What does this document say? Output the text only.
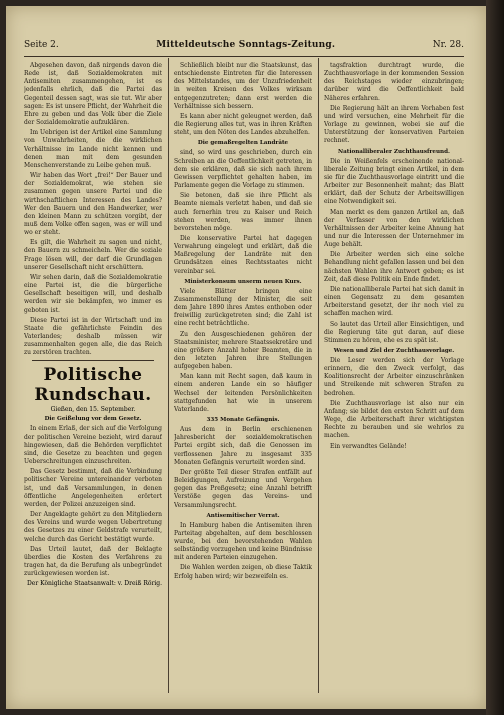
Seite 2.	Mitteldeutsche Sonntags-Zeitung.	Nr. 28.

Abgesehen davon, daß nirgends davon die Rede ist, daß Sozialdemokraten mit Antisemiten zusammengehen, ist es jedenfalls ehrlich, daß die Partei das Gegenteil dessen sagt, was sie tut. Wir aber sagen: Es ist unsere Pflicht, der Wahrheit die Ehre zu geben und das Volk über die Ziele der Sozialdemokratie aufzuklären.

Im Uebrigen ist der Artikel eine Sammlung von Unwahrheiten, die die wirklichen Verhältnisse im Lande nicht kennen und denen man mit dem gesunden Menschenverstande zu Leibe gehen muß.

Wir haben das Wort „frei!“ Der Bauer und der Sozialdemokrat, wie stehen sie zusammen gegen unsere Partei und die wirthschaftlichen Interessen des Landes? Wer den Bauern und den Handwerker, wer den kleinen Mann zu schützen vorgibt, der muß dem Volke offen sagen, was er will und wo er steht.

Es gilt, die Wahrheit zu sagen und nicht, den Bauern zu schmeicheln. Wer die soziale Frage lösen will, der darf die Grundlagen unserer Gesellschaft nicht erschüttern.

Wir sehen darin, daß die Sozialdemokratie eine Partei ist, die die bürgerliche Gesellschaft beseitigen will, und deshalb werden wir sie bekämpfen, wo immer es geboten ist.

Diese Partei ist in der Wirtschaft und im Staate die gefährlichste Feindin des Vaterlandes; deshalb müssen wir zusammenhalten gegen alle, die das Reich zu zerstören trachten.

Politische Rundschau.
Gießen, den 15. September.
Die Geißelung vor dem Gesetz.

In einem Erlaß, der sich auf die Verfolgung der politischen Vereine bezieht, wird darauf hingewiesen, daß die Behörden verpflichtet sind, die Gesetze zu beachten und gegen Ueberschreitungen einzuschreiten.

Das Gesetz bestimmt, daß die Verbindung politischer Vereine untereinander verboten ist, und daß Versammlungen, in denen öffentliche Angelegenheiten erörtert werden, der Polizei anzuzeigen sind.

Der Angeklagte gehört zu den Mitgliedern des Vereins und wurde wegen Uebertretung des Gesetzes zu einer Geldstrafe verurteilt, welche durch das Gericht bestätigt wurde.

Das Urteil lautet, daß der Beklagte überdies die Kosten des Verfahrens zu tragen hat, da die Berufung als unbegründet zurückgewiesen worden ist.

Der Königliche Staatsanwalt: v. Dreiß Rörig.

Schließlich bleibt nur die Staatskunst, das entschiedenste Eintreten für die Interessen des Mittelstandes, um der Unzufriedenheit in weiten Kreisen des Volkes wirksam entgegenzutreten; dann erst werden die Verhältnisse sich bessern.

Es kann aber nicht geleugnet werden, daß die Regierung alles tut, was in ihren Kräften steht, um den Nöten des Landes abzuhelfen.

Die gemaßregelten Landräte

sind, so wird uns geschrieben, durch ein Schreiben an die Oeffentlichkeit getreten, in dem sie erklären, daß sie sich nach ihrem Gewissen verpflichtet gehalten haben, im Parlamente gegen die Vorlage zu stimmen.

Sie betonen, daß sie ihre Pflicht als Beamte niemals verletzt haben, und daß sie auch fernerhin treu zu Kaiser und Reich stehen werden, was immer ihnen bevorstehen möge.

Die konservative Partei hat dagegen Verwahrung eingelegt und erklärt, daß die Maßregelung der Landräte mit den Grundsätzen eines Rechtsstaates nicht vereinbar sei.

Ministerkonsum unserm neuen Kurs.

Viele Blätter bringen eine Zusammenstellung der Minister, die seit dem Jahre 1890 ihres Amtes enthoben oder freiwillig zurückgetreten sind; die Zahl ist eine recht beträchtliche.

Zu den Ausgeschiedenen gehören der Staatsminister, mehrere Staatssekretäre und eine größere Anzahl hoher Beamten, die in den letzten Jahren ihre Stellungen aufgegeben haben.

Man kann mit Recht sagen, daß kaum in einem anderen Lande ein so häufiger Wechsel der leitenden Persönlichkeiten stattgefunden hat wie in unserem Vaterlande.

335 Monate Gefängnis.

Aus dem in Berlin erschienenen Jahresbericht der sozialdemokratischen Partei ergibt sich, daß die Genossen im verflossenen Jahre zu insgesamt 335 Monaten Gefängnis verurteilt worden sind.

Der größte Teil dieser Strafen entfällt auf Beleidigungen, Aufreizung und Vergehen gegen das Preßgesetz; eine Anzahl betrifft Verstöße gegen das Vereins- und Versammlungsrecht.

Antisemitischer Verrat.

In Hamburg haben die Antisemiten ihren Parteitag abgehalten, auf dem beschlossen wurde, bei den bevorstehenden Wahlen selbständig vorzugehen und keine Bündnisse mit anderen Parteien einzugehen.

Die Wahlen werden zeigen, ob diese Taktik Erfolg haben wird; wir bezweifeln es.

tagsfraktion durchtragt wurde, die Zuchthausvorlage in der kommenden Session des Reichstages wieder einzubringen; darüber wird die Oeffentlichkeit bald Näheres erfahren.

Die Regierung hält an ihrem Vorhaben fest und wird versuchen, eine Mehrheit für die Vorlage zu gewinnen, wobei sie auf die Unterstützung der konservativen Parteien rechnet.

Nationalliberaler Zuchthausfreund.

Die in Weißenfels erscheinende national-liberale Zeitung bringt einen Artikel, in dem sie für die Zuchthausvorlage eintritt und die Arbeiter zur Besonnenheit mahnt; das Blatt erklärt, daß der Schutz der Arbeitswilligen eine Notwendigkeit sei.

Man merkt es dem ganzen Artikel an, daß der Verfasser von den wirklichen Verhältnissen der Arbeiter keine Ahnung hat und nur die Interessen der Unternehmer im Auge behält.

Die Arbeiter werden sich eine solche Behandlung nicht gefallen lassen und bei den nächsten Wahlen ihre Antwort geben; es ist Zeit, daß diese Politik ein Ende findet.

Die nationalliberale Partei hat sich damit in einen Gegensatz zu dem gesamten Arbeiterstand gesetzt, der ihr noch viel zu schaffen machen wird.

So lautet das Urteil aller Einsichtigen, und die Regierung täte gut daran, auf diese Stimmen zu hören, ehe es zu spät ist.

Wesen und Ziel der Zuchthausvorlage.

Die Leser werden sich der Vorlage erinnern, die den Zweck verfolgt, das Koalitionsrecht der Arbeiter einzuschränken und Streikende mit schweren Strafen zu bedrohen.

Die Zuchthausvorlage ist also nur ein Anfang; sie bildet den ersten Schritt auf dem Wege, die Arbeiterschaft ihrer wichtigsten Rechte zu berauben und sie wehrlos zu machen.

Ein verwandtes Gelände!
